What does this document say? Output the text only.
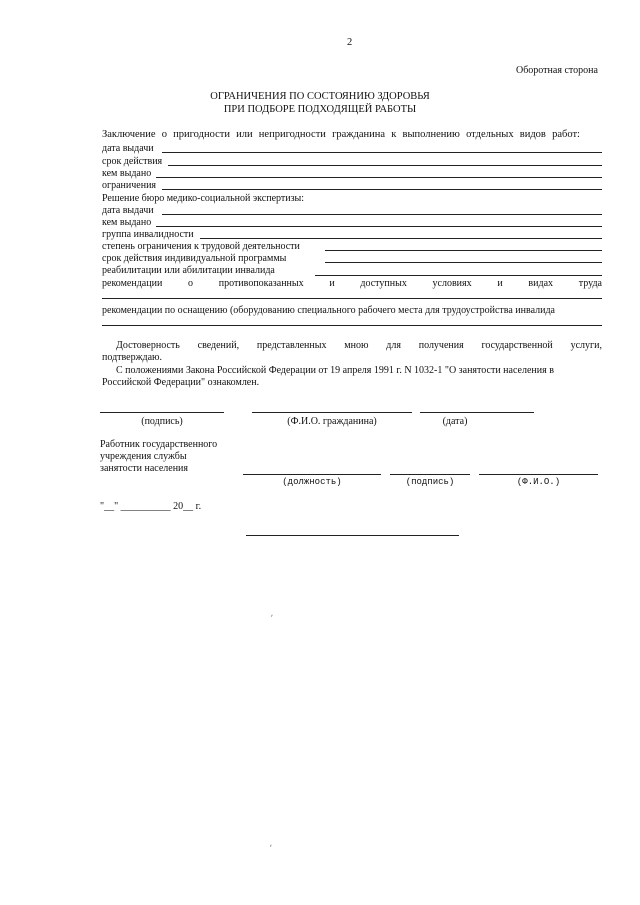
2
Оборотная сторона
ОГРАНИЧЕНИЯ ПО СОСТОЯНИЮ ЗДОРОВЬЯ
ПРИ ПОДБОРЕ ПОДХОДЯЩЕЙ РАБОТЫ
Заключение о пригодности или непригодности гражданина к выполнению отдельных видов работ:
дата выдачи
срок действия
кем выдано
ограничения
Решение бюро медико-социальной экспертизы:
дата выдачи
кем выдано
группа инвалидности
степень ограничения к трудовой деятельности
срок действия индивидуальной программы
реабилитации или абилитации инвалида
рекомендации	о	противопоказанных	и	доступных	условиях	и	видах	труда
рекомендации по оснащению (оборудованию специального рабочего места для трудоустройства инвалида
Достоверность сведений, представленных мною для получения государственной услуги,
подтверждаю.
С положениями Закона Российской Федерации от 19 апреля 1991 г. N 1032-1 "О занятости населения в
Российской Федерации" ознакомлен.
(подпись)	(Ф.И.О. гражданина)	(дата)
Работник государственного
учреждения службы
занятости населения
(должность)	(подпись)	(Ф.И.О.)
"__" __________ 20__ г.
ʹ
ʹ
